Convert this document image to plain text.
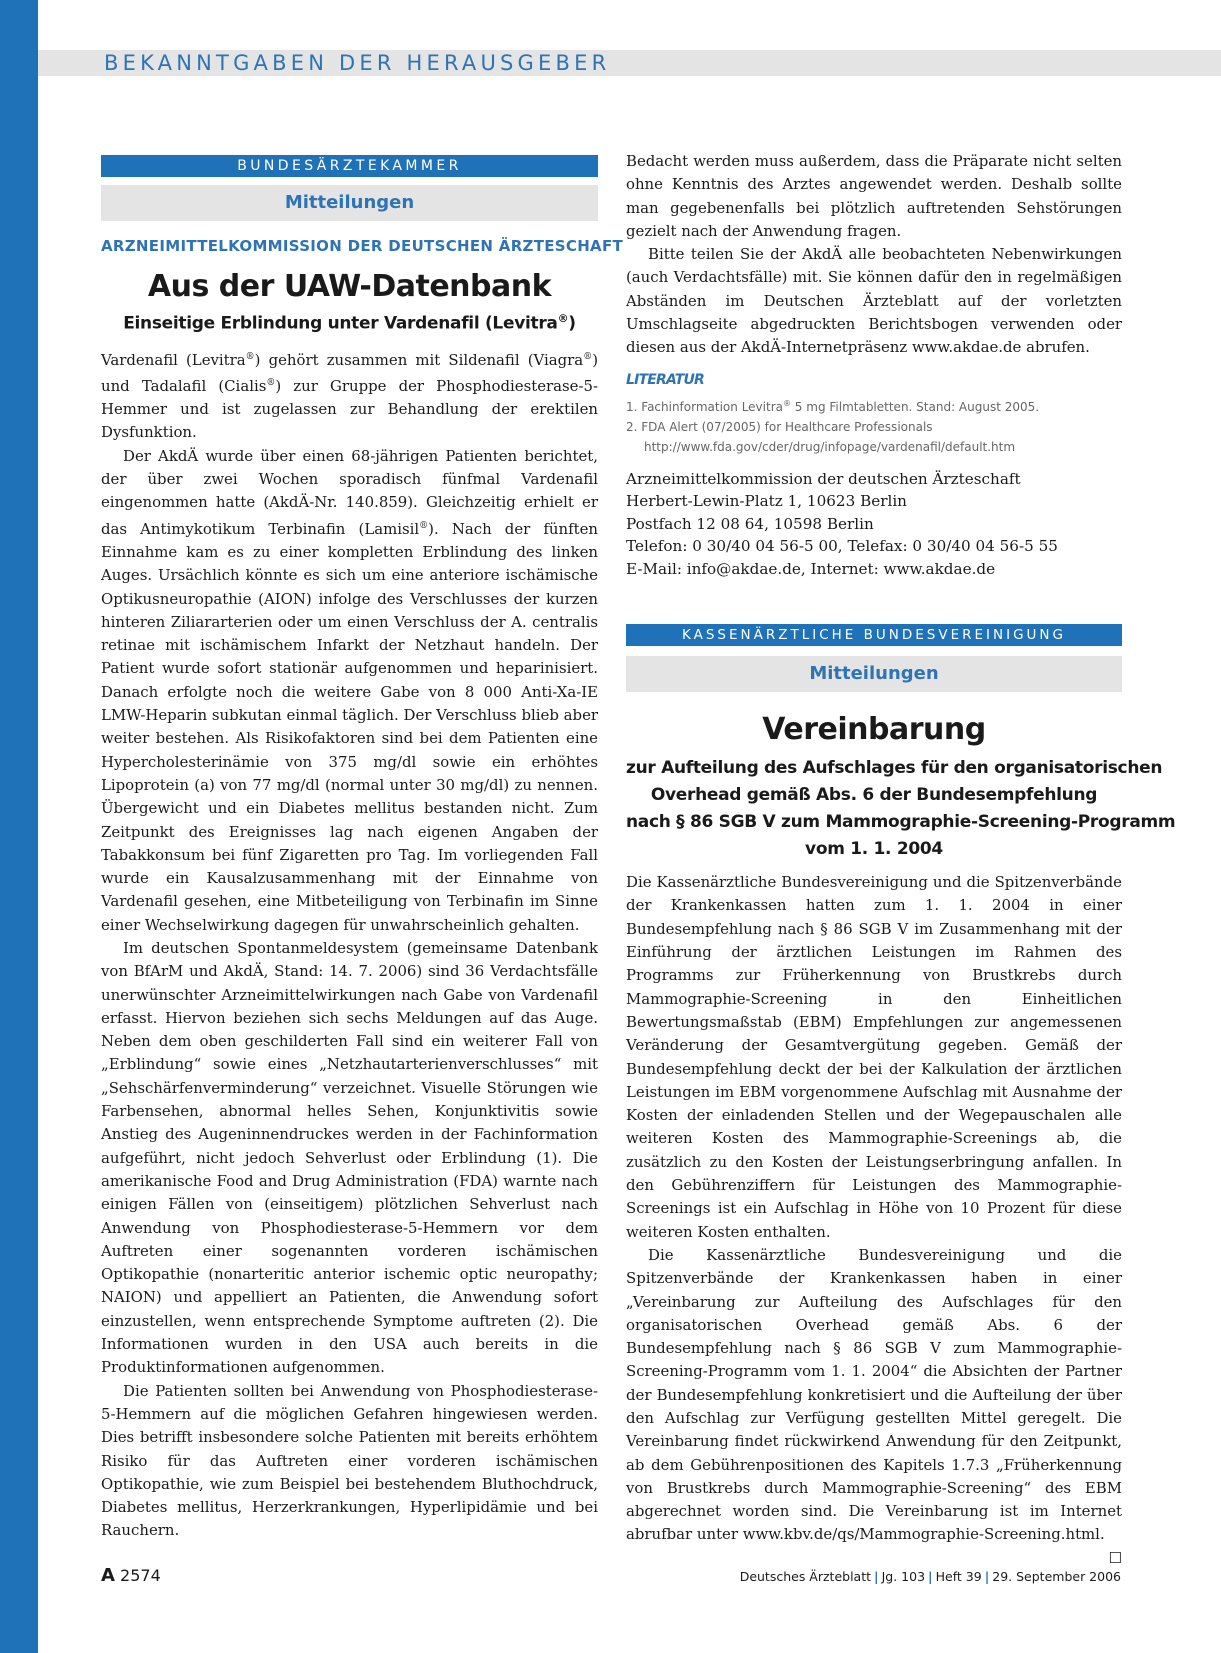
BEKANNTGABEN DER HERAUSGEBER
BUNDESÄRZTEKAMMER
Mitteilungen
ARZNEIMITTELKOMMISSION DER DEUTSCHEN ÄRZTESCHAFT
Aus der UAW-Datenbank
Einseitige Erblindung unter Vardenafil (Levitra®)

Vardenafil (Levitra®) gehört zusammen mit Sildenafil (Viagra®) und Tadalafil (Cialis®) zur Gruppe der Phosphodiesterase-5-Hemmer und ist zugelassen zur Behandlung der erektilen Dysfunktion.

Der AkdÄ wurde über einen 68-jährigen Patienten berichtet, der über zwei Wochen sporadisch fünfmal Vardenafil eingenommen hatte (AkdÄ-Nr. 140.859). Gleichzeitig erhielt er das Antimykotikum Terbinafin (Lamisil®). Nach der fünften Einnahme kam es zu einer kompletten Erblindung des linken Auges. Ursächlich könnte es sich um eine anteriore ischämische Optikusneuropathie (AION) infolge des Verschlusses der kurzen hinteren Ziliararterien oder um einen Verschluss der A. centralis retinae mit ischämischem Infarkt der Netzhaut handeln. Der Patient wurde sofort stationär aufgenommen und heparinisiert. Danach erfolgte noch die weitere Gabe von 8 000 Anti-Xa-IE LMW-Heparin subkutan einmal täglich. Der Verschluss blieb aber weiter bestehen. Als Risikofaktoren sind bei dem Patienten eine Hypercholesterinämie von 375 mg/dl sowie ein erhöhtes Lipoprotein (a) von 77 mg/dl (normal unter 30 mg/dl) zu nennen. Übergewicht und ein Diabetes mellitus bestanden nicht. Zum Zeitpunkt des Ereignisses lag nach eigenen Angaben der Tabakkonsum bei fünf Zigaretten pro Tag. Im vorliegenden Fall wurde ein Kausalzusammenhang mit der Einnahme von Vardenafil gesehen, eine Mitbeteiligung von Terbinafin im Sinne einer Wechselwirkung dagegen für unwahrscheinlich gehalten.

Im deutschen Spontanmeldesystem (gemeinsame Datenbank von BfArM und AkdÄ, Stand: 14. 7. 2006) sind 36 Verdachtsfälle unerwünschter Arzneimittelwirkungen nach Gabe von Vardenafil erfasst. Hiervon beziehen sich sechs Meldungen auf das Auge. Neben dem oben geschilderten Fall sind ein weiterer Fall von „Erblindung“ sowie eines „Netzhautarterienverschlusses“ mit „Sehschärfenverminderung“ verzeichnet. Visuelle Störungen wie Farbensehen, abnormal helles Sehen, Konjunktivitis sowie Anstieg des Augeninnendruckes werden in der Fachinformation aufgeführt, nicht jedoch Sehverlust oder Erblindung (1). Die amerikanische Food and Drug Administration (FDA) warnte nach einigen Fällen von (einseitigem) plötzlichen Sehverlust nach Anwendung von Phosphodiesterase-5-Hemmern vor dem Auftreten einer sogenannten vorderen ischämischen Optikopathie (nonarteritic anterior ischemic optic neuropathy; NAION) und appelliert an Patienten, die Anwendung sofort einzustellen, wenn entsprechende Symptome auftreten (2). Die Informationen wurden in den USA auch bereits in die Produktinformationen aufgenommen.

Die Patienten sollten bei Anwendung von Phosphodiesterase-5-Hemmern auf die möglichen Gefahren hingewiesen werden. Dies betrifft insbesondere solche Patienten mit bereits erhöhtem Risiko für das Auftreten einer vorderen ischämischen Optikopathie, wie zum Beispiel bei bestehendem Bluthochdruck, Diabetes mellitus, Herzerkrankungen, Hyperlipidämie und bei Rauchern.

Bedacht werden muss außerdem, dass die Präparate nicht selten ohne Kenntnis des Arztes angewendet werden. Deshalb sollte man gegebenenfalls bei plötzlich auftretenden Sehstörungen gezielt nach der Anwendung fragen.

Bitte teilen Sie der AkdÄ alle beobachteten Nebenwirkungen (auch Verdachtsfälle) mit. Sie können dafür den in regelmäßigen Abständen im Deutschen Ärzteblatt auf der vorletzten Umschlagseite abgedruckten Berichtsbogen verwenden oder diesen aus der AkdÄ-Internetpräsenz www.akdae.de abrufen.

LITERATUR
1. Fachinformation Levitra® 5 mg Filmtabletten. Stand: August 2005.
2. FDA Alert (07/2005) for Healthcare Professionals
http://www.fda.gov/cder/drug/infopage/vardenafil/default.htm
Arzneimittelkommission der deutschen Ärzteschaft
Herbert-Lewin-Platz 1, 10623 Berlin
Postfach 12 08 64, 10598 Berlin
Telefon: 0 30/40 04 56-5 00, Telefax: 0 30/40 04 56-5 55
E-Mail: info@akdae.de, Internet: www.akdae.de
KASSENÄRZTLICHE BUNDESVEREINIGUNG
Mitteilungen
Vereinbarung
zur Aufteilung des Aufschlages für den organisatorischen
Overhead gemäß Abs. 6 der Bundesempfehlung
nach § 86 SGB V zum Mammographie-Screening-Programm
vom 1. 1. 2004

Die Kassenärztliche Bundesvereinigung und die Spitzenverbände der Krankenkassen hatten zum 1. 1. 2004 in einer Bundesempfehlung nach § 86 SGB V im Zusammenhang mit der Einführung der ärztlichen Leistungen im Rahmen des Programms zur Früherkennung von Brustkrebs durch Mammographie-Screening in den Einheitlichen Bewertungsmaßstab (EBM) Empfehlungen zur angemessenen Veränderung der Gesamtvergütung gegeben. Gemäß der Bundesempfehlung deckt der bei der Kalkulation der ärztlichen Leistungen im EBM vorgenommene Aufschlag mit Ausnahme der Kosten der einladenden Stellen und der Wegepauschalen alle weiteren Kosten des Mammographie-Screenings ab, die zusätzlich zu den Kosten der Leistungserbringung anfallen. In den Gebührenziffern für Leistungen des Mammographie-Screenings ist ein Aufschlag in Höhe von 10 Prozent für diese weiteren Kosten enthalten.

Die Kassenärztliche Bundesvereinigung und die Spitzenverbände der Krankenkassen haben in einer „Vereinbarung zur Aufteilung des Aufschlages für den organisatorischen Overhead gemäß Abs. 6 der Bundesempfehlung nach § 86 SGB V zum Mammographie-Screening-Programm vom 1. 1. 2004“ die Absichten der Partner der Bundesempfehlung konkretisiert und die Aufteilung der über den Aufschlag zur Verfügung gestellten Mittel geregelt. Die Vereinbarung findet rückwirkend Anwendung für den Zeitpunkt, ab dem Gebührenpositionen des Kapitels 1.7.3 „Früherkennung von Brustkrebs durch Mammographie-Screening“ des EBM abgerechnet worden sind. Die Vereinbarung ist im Internet abrufbar unter www.kbv.de/qs/Mammographie-Screening.html.
☐

A 2574	Deutsches Ärzteblatt | Jg. 103 | Heft 39 | 29. September 2006
